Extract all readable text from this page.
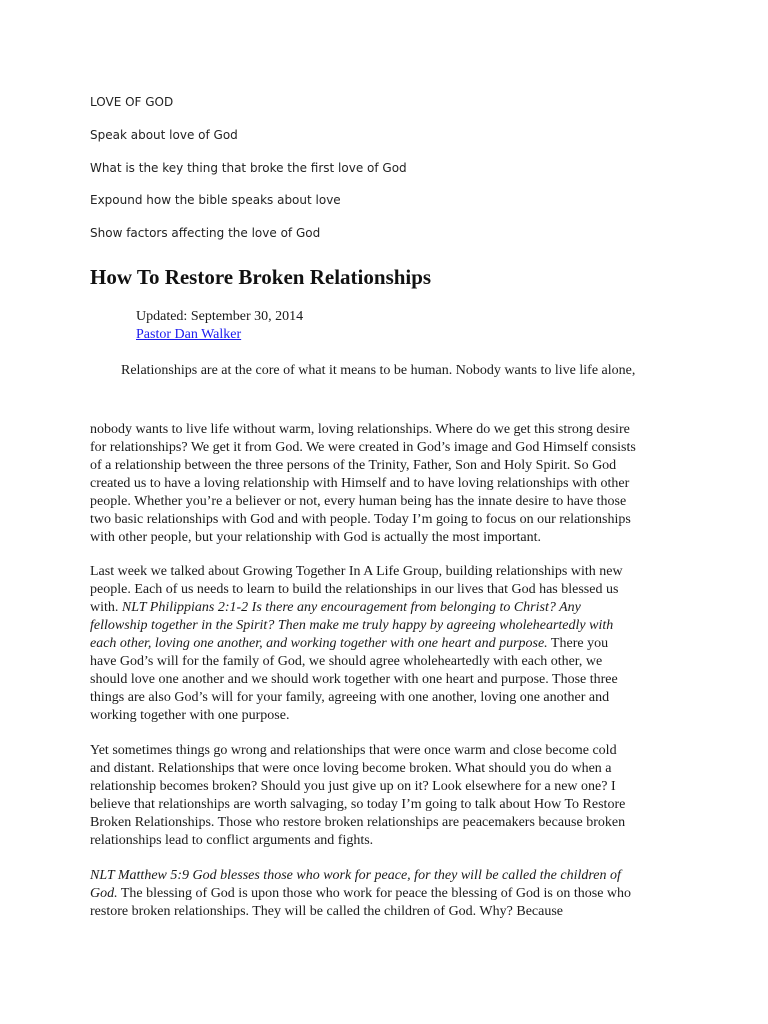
LOVE OF GOD
Speak about love of God
What is the key thing that broke the first love of God
Expound how the bible speaks about love
Show factors affecting the love of God
How To Restore Broken Relationships
Updated: September 30, 2014
Pastor Dan Walker
Relationships are at the core of what it means to be human. Nobody wants to live life alone,
nobody wants to live life without warm, loving relationships. Where do we get this strong desire
for relationships? We get it from God. We were created in God’s image and God Himself consists
of a relationship between the three persons of the Trinity, Father, Son and Holy Spirit. So God
created us to have a loving relationship with Himself and to have loving relationships with other
people. Whether you’re a believer or not, every human being has the innate desire to have those
two basic relationships with God and with people. Today I’m going to focus on our relationships
with other people, but your relationship with God is actually the most important.
Last week we talked about Growing Together In A Life Group, building relationships with new
people. Each of us needs to learn to build the relationships in our lives that God has blessed us
with. NLT Philippians 2:1-2 Is there any encouragement from belonging to Christ? Any
fellowship together in the Spirit? Then make me truly happy by agreeing wholeheartedly with
each other, loving one another, and working together with one heart and purpose. There you
have God’s will for the family of God, we should agree wholeheartedly with each other, we
should love one another and we should work together with one heart and purpose. Those three
things are also God’s will for your family, agreeing with one another, loving one another and
working together with one purpose.
Yet sometimes things go wrong and relationships that were once warm and close become cold
and distant. Relationships that were once loving become broken. What should you do when a
relationship becomes broken? Should you just give up on it? Look elsewhere for a new one? I
believe that relationships are worth salvaging, so today I’m going to talk about How To Restore
Broken Relationships. Those who restore broken relationships are peacemakers because broken
relationships lead to conflict arguments and fights.
NLT Matthew 5:9 God blesses those who work for peace, for they will be called the children of
God. The blessing of God is upon those who work for peace the blessing of God is on those who
restore broken relationships. They will be called the children of God. Why? Because
